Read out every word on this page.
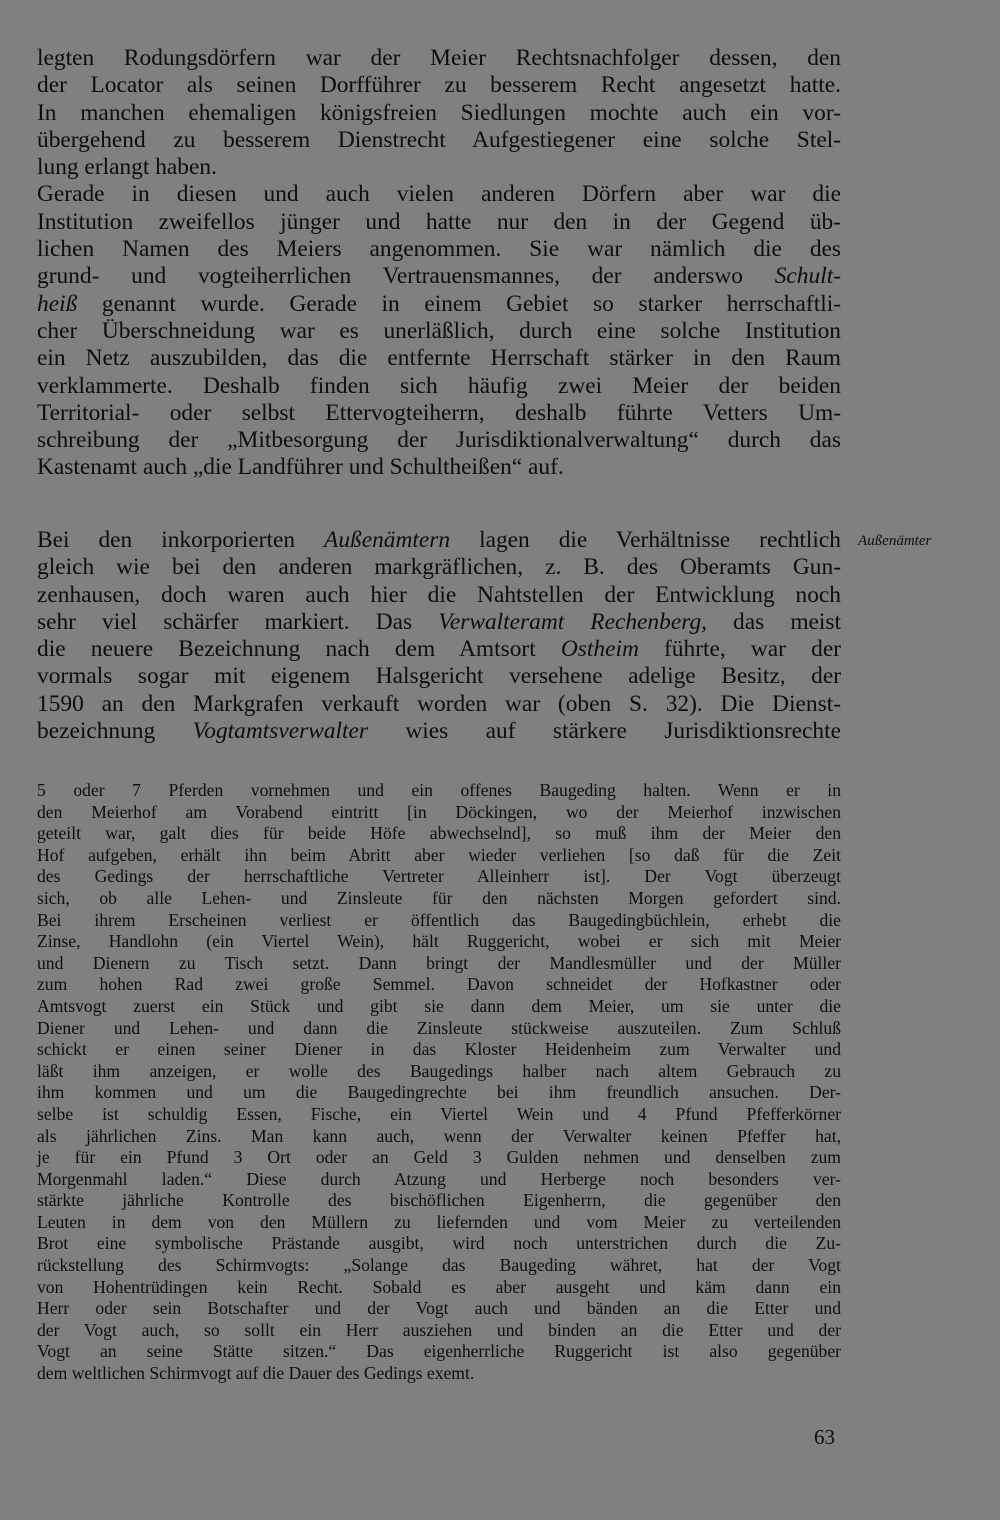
legten Rodungsdörfern war der Meier Rechtsnachfolger dessen, den
der Locator als seinen Dorfführer zu besserem Recht angesetzt hatte.
In manchen ehemaligen königsfreien Siedlungen mochte auch ein vor-
übergehend zu besserem Dienstrecht Aufgestiegener eine solche Stel-
lung erlangt haben.
Gerade in diesen und auch vielen anderen Dörfern aber war die
Institution zweifellos jünger und hatte nur den in der Gegend üb-
lichen Namen des Meiers angenommen. Sie war nämlich die des
grund- und vogteiherrlichen Vertrauensmannes, der anderswo Schult-
heiß genannt wurde. Gerade in einem Gebiet so starker herrschaftli-
cher Überschneidung war es unerläßlich, durch eine solche Institution
ein Netz auszubilden, das die entfernte Herrschaft stärker in den Raum
verklammerte. Deshalb finden sich häufig zwei Meier der beiden
Territorial- oder selbst Ettervogteiherrn, deshalb führte Vetters Um-
schreibung der „Mitbesorgung der Jurisdiktionalverwaltung“ durch das
Kastenamt auch „die Landführer und Schultheißen“ auf.
Bei den inkorporierten Außenämtern lagen die Verhältnisse rechtlich
gleich wie bei den anderen markgräflichen, z. B. des Oberamts Gun-
zenhausen, doch waren auch hier die Nahtstellen der Entwicklung noch
sehr viel schärfer markiert. Das Verwalteramt Rechenberg, das meist
die neuere Bezeichnung nach dem Amtsort Ostheim führte, war der
vormals sogar mit eigenem Halsgericht versehene adelige Besitz, der
1590 an den Markgrafen verkauft worden war (oben S. 32). Die Dienst-
bezeichnung Vogtamtsverwalter wies auf stärkere Jurisdiktionsrechte
Außenämter
5 oder 7 Pferden vornehmen und ein offenes Baugeding halten. Wenn er in
den Meierhof am Vorabend eintritt [in Döckingen, wo der Meierhof inzwischen
geteilt war, galt dies für beide Höfe abwechselnd], so muß ihm der Meier den
Hof aufgeben, erhält ihn beim Abritt aber wieder verliehen [so daß für die Zeit
des Gedings der herrschaftliche Vertreter Alleinherr ist]. Der Vogt überzeugt
sich, ob alle Lehen- und Zinsleute für den nächsten Morgen gefordert sind.
Bei ihrem Erscheinen verliest er öffentlich das Baugedingbüchlein, erhebt die
Zinse, Handlohn (ein Viertel Wein), hält Ruggericht, wobei er sich mit Meier
und Dienern zu Tisch setzt. Dann bringt der Mandlesmüller und der Müller
zum hohen Rad zwei große Semmel. Davon schneidet der Hofkastner oder
Amtsvogt zuerst ein Stück und gibt sie dann dem Meier, um sie unter die
Diener und Lehen- und dann die Zinsleute stückweise auszuteilen. Zum Schluß
schickt er einen seiner Diener in das Kloster Heidenheim zum Verwalter und
läßt ihm anzeigen, er wolle des Baugedings halber nach altem Gebrauch zu
ihm kommen und um die Baugedingrechte bei ihm freundlich ansuchen. Der-
selbe ist schuldig Essen, Fische, ein Viertel Wein und 4 Pfund Pfefferkörner
als jährlichen Zins. Man kann auch, wenn der Verwalter keinen Pfeffer hat,
je für ein Pfund 3 Ort oder an Geld 3 Gulden nehmen und denselben zum
Morgenmahl laden.“ Diese durch Atzung und Herberge noch besonders ver-
stärkte jährliche Kontrolle des bischöflichen Eigenherrn, die gegenüber den
Leuten in dem von den Müllern zu liefernden und vom Meier zu verteilenden
Brot eine symbolische Prästande ausgibt, wird noch unterstrichen durch die Zu-
rückstellung des Schirmvogts: „Solange das Baugeding währet, hat der Vogt
von Hohentrüdingen kein Recht. Sobald es aber ausgeht und käm dann ein
Herr oder sein Botschafter und der Vogt auch und bänden an die Etter und
der Vogt auch, so sollt ein Herr ausziehen und binden an die Etter und der
Vogt an seine Stätte sitzen.“ Das eigenherrliche Ruggericht ist also gegenüber
dem weltlichen Schirmvogt auf die Dauer des Gedings exemt.
63
